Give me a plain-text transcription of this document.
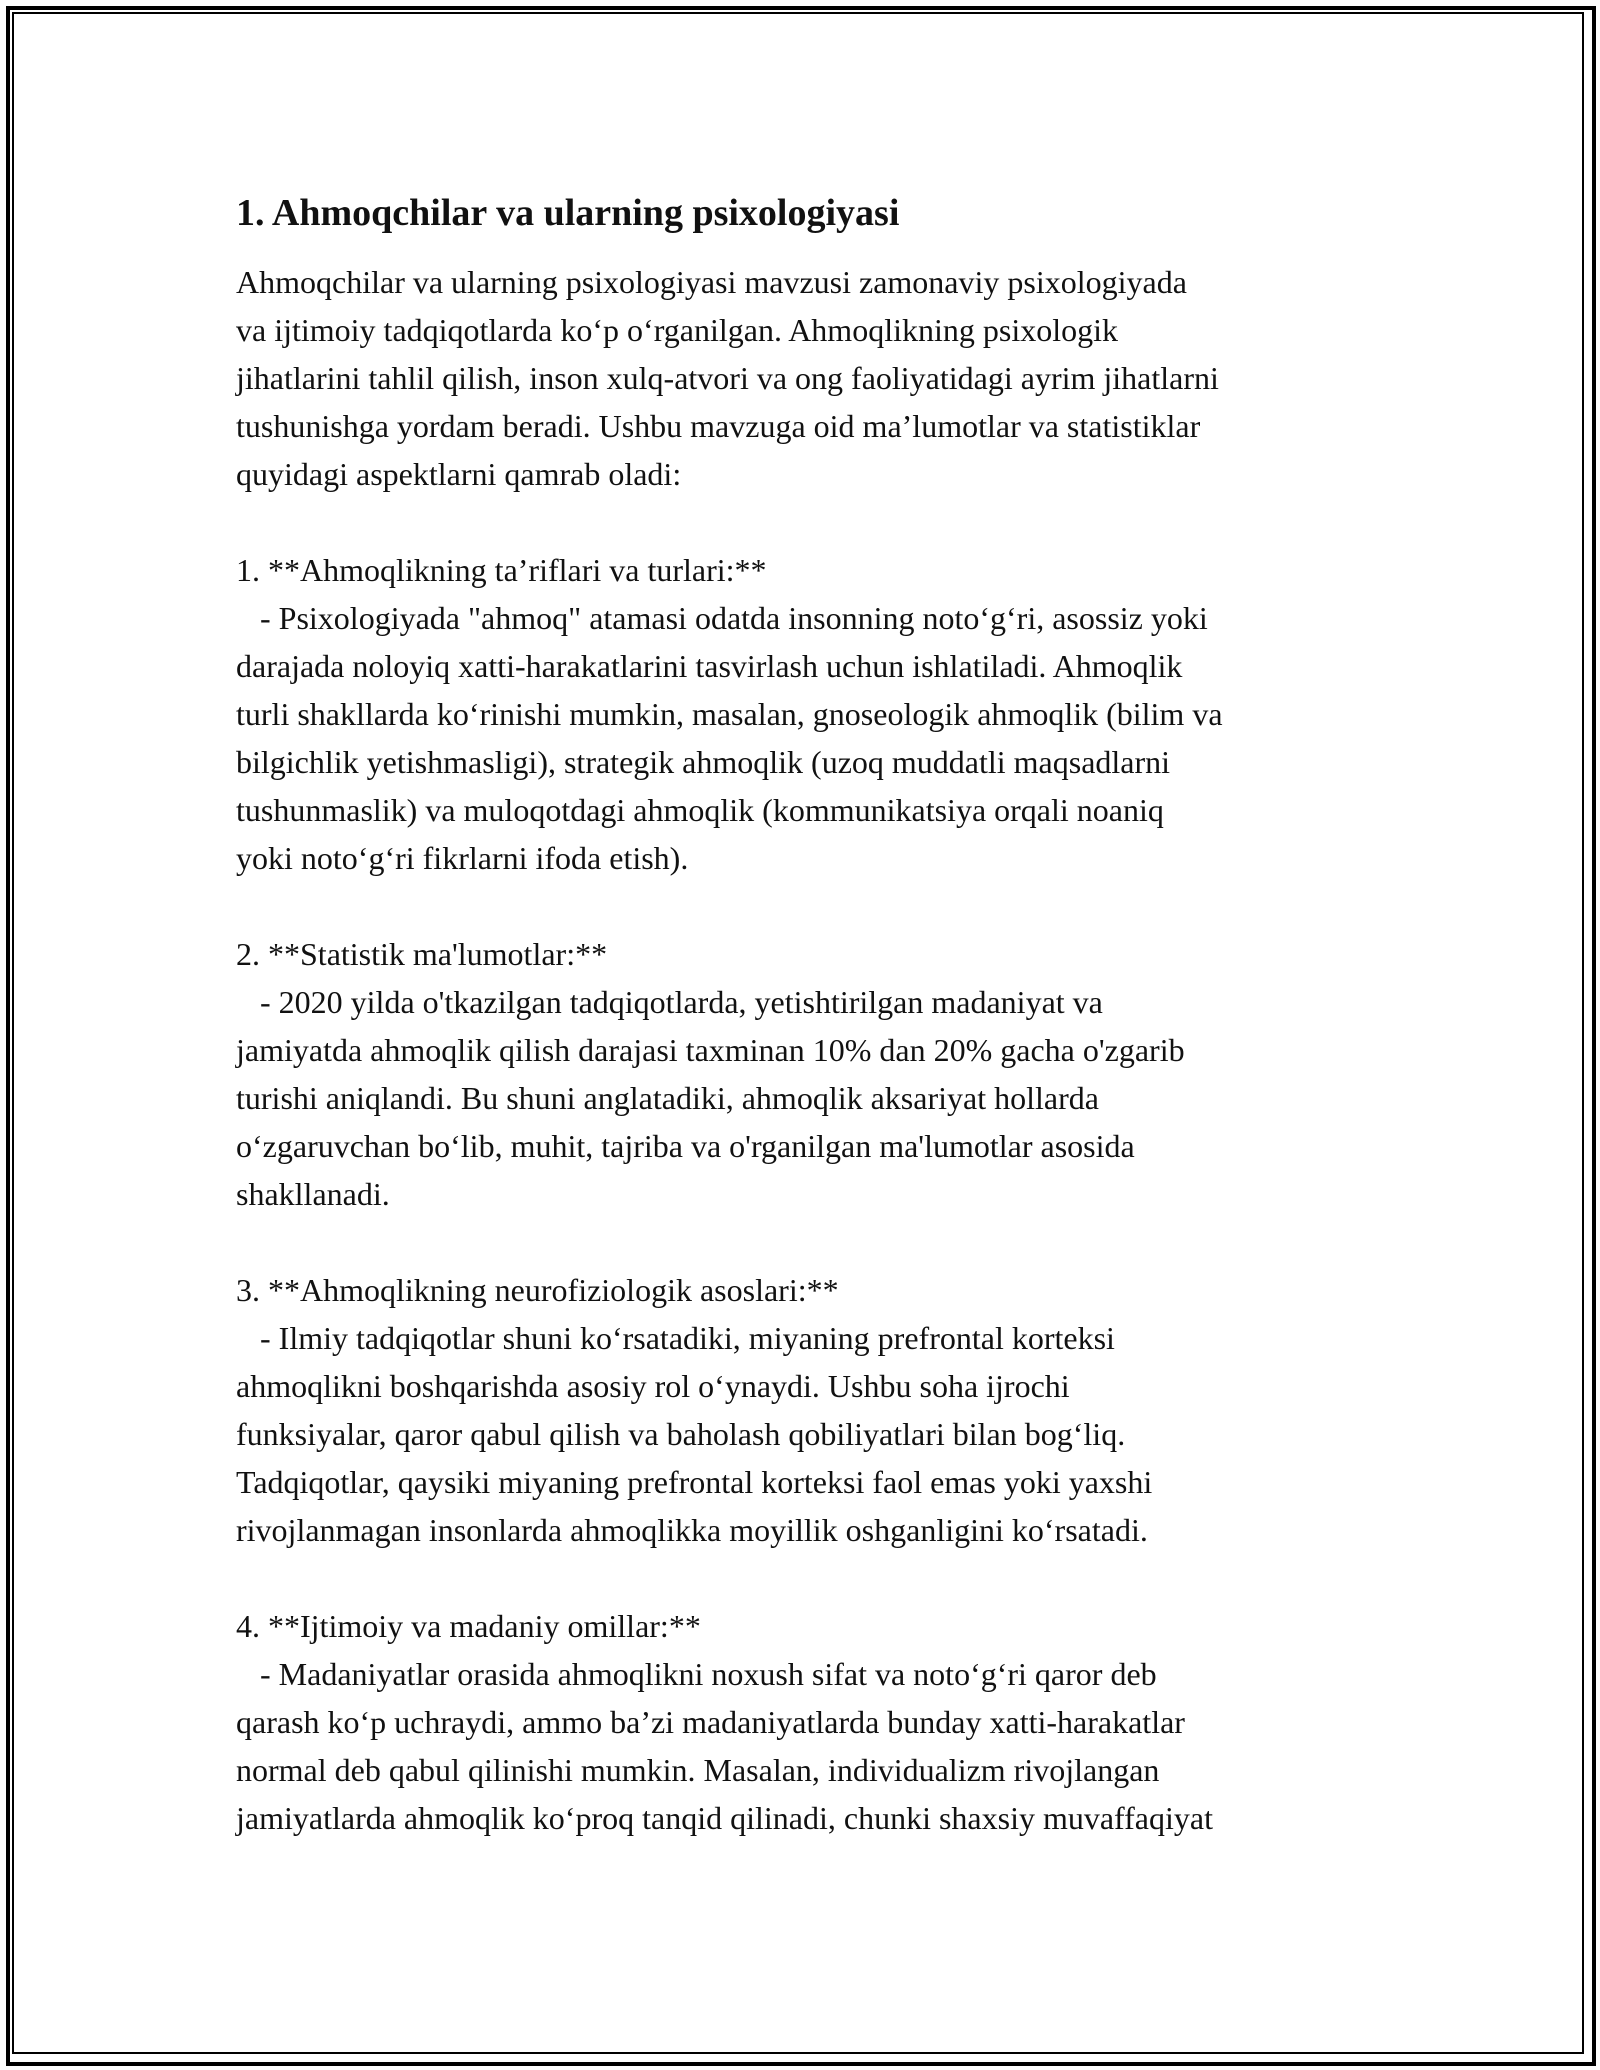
1. Ahmoqchilar va ularning psixologiyasi
Ahmoqchilar va ularning psixologiyasi mavzusi zamonaviy psixologiyada
va ijtimoiy tadqiqotlarda ko‘p o‘rganilgan. Ahmoqlikning psixologik
jihatlarini tahlil qilish, inson xulq-atvori va ong faoliyatidagi ayrim jihatlarni
tushunishga yordam beradi. Ushbu mavzuga oid ma’lumotlar va statistiklar
quyidagi aspektlarni qamrab oladi:
1. **Ahmoqlikning ta’riflari va turlari:**
- Psixologiyada "ahmoq" atamasi odatda insonning noto‘g‘ri, asossiz yoki
darajada noloyiq xatti-harakatlarini tasvirlash uchun ishlatiladi. Ahmoqlik
turli shakllarda ko‘rinishi mumkin, masalan, gnoseologik ahmoqlik (bilim va
bilgichlik yetishmasligi), strategik ahmoqlik (uzoq muddatli maqsadlarni
tushunmaslik) va muloqotdagi ahmoqlik (kommunikatsiya orqali noaniq
yoki noto‘g‘ri fikrlarni ifoda etish).
2. **Statistik ma'lumotlar:**
- 2020 yilda o'tkazilgan tadqiqotlarda, yetishtirilgan madaniyat va
jamiyatda ahmoqlik qilish darajasi taxminan 10% dan 20% gacha o'zgarib
turishi aniqlandi. Bu shuni anglatadiki, ahmoqlik aksariyat hollarda
o‘zgaruvchan bo‘lib, muhit, tajriba va o'rganilgan ma'lumotlar asosida
shakllanadi.
3. **Ahmoqlikning neurofiziologik asoslari:**
- Ilmiy tadqiqotlar shuni ko‘rsatadiki, miyaning prefrontal korteksi
ahmoqlikni boshqarishda asosiy rol o‘ynaydi. Ushbu soha ijrochi
funksiyalar, qaror qabul qilish va baholash qobiliyatlari bilan bog‘liq.
Tadqiqotlar, qaysiki miyaning prefrontal korteksi faol emas yoki yaxshi
rivojlanmagan insonlarda ahmoqlikka moyillik oshganligini ko‘rsatadi.
4. **Ijtimoiy va madaniy omillar:**
- Madaniyatlar orasida ahmoqlikni noxush sifat va noto‘g‘ri qaror deb
qarash ko‘p uchraydi, ammo ba’zi madaniyatlarda bunday xatti-harakatlar
normal deb qabul qilinishi mumkin. Masalan, individualizm rivojlangan
jamiyatlarda ahmoqlik ko‘proq tanqid qilinadi, chunki shaxsiy muvaffaqiyat
